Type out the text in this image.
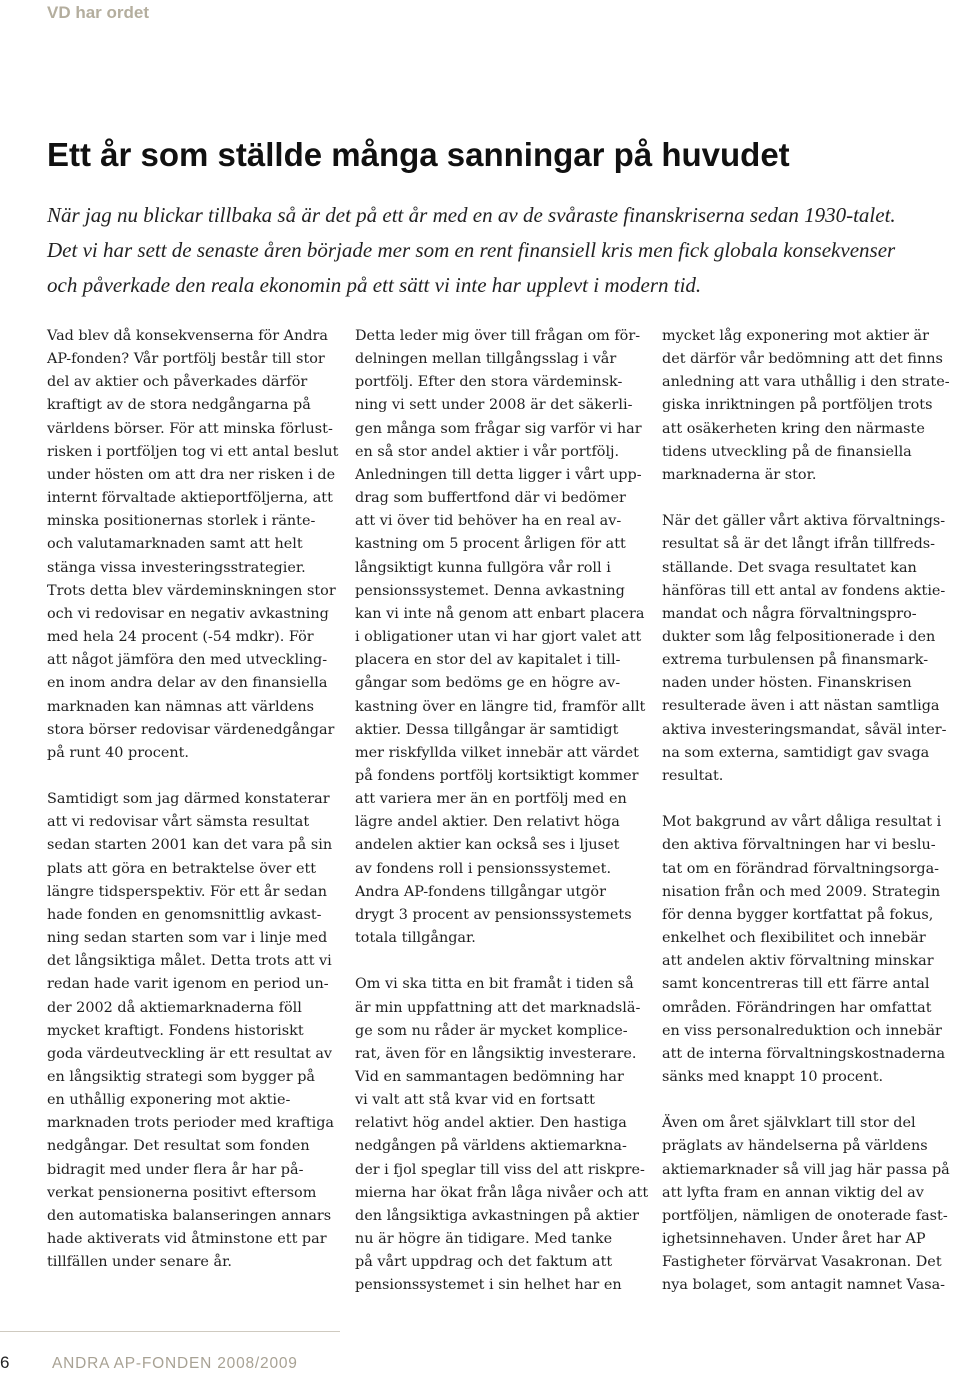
VD har ordet
Ett år som ställde många sanningar på huvudet

När jag nu blickar tillbaka så är det på ett år med en av de svåraste finanskriserna sedan 1930-talet.
Det vi har sett de senaste åren började mer som en rent finansiell kris men fick globala konsekvenser
och påverkade den reala ekonomin på ett sätt vi inte har upplevt i modern tid.

Vad blev då konsekvenserna för Andra
AP-fonden? Vår portfölj består till stor
del av aktier och påverkades därför
kraftigt av de stora nedgångarna på
världens börser. För att minska förlust-
risken i portföljen tog vi ett antal beslut
under hösten om att dra ner risken i de
internt förvaltade aktieportföljerna, att
minska positionernas storlek i ränte-
och valutamarknaden samt att helt
stänga vissa investeringsstrategier.
Trots detta blev värdeminskningen stor
och vi redovisar en negativ avkastning
med hela 24 procent (-54 mdkr). För
att något jämföra den med utveckling-
en inom andra delar av den finansiella
marknaden kan nämnas att världens
stora börser redovisar värdenedgångar
på runt 40 procent.

Samtidigt som jag därmed konstaterar
att vi redovisar vårt sämsta resultat
sedan starten 2001 kan det vara på sin
plats att göra en betraktelse över ett
längre tidsperspektiv. För ett år sedan
hade fonden en genomsnittlig avkast-
ning sedan starten som var i linje med
det långsiktiga målet. Detta trots att vi
redan hade varit igenom en period un-
der 2002 då aktiemarknaderna föll
mycket kraftigt. Fondens historiskt
goda värdeutveckling är ett resultat av
en långsiktig strategi som bygger på
en uthållig exponering mot aktie-
marknaden trots perioder med kraftiga
nedgångar. Det resultat som fonden
bidragit med under flera år har på-
verkat pensionerna positivt eftersom
den automatiska balanseringen annars
hade aktiverats vid åtminstone ett par
tillfällen under senare år.

Detta leder mig över till frågan om för-
delningen mellan tillgångsslag i vår
portfölj. Efter den stora värdeminsk-
ning vi sett under 2008 är det säkerli-
gen många som frågar sig varför vi har
en så stor andel aktier i vår portfölj.
Anledningen till detta ligger i vårt upp-
drag som buffertfond där vi bedömer
att vi över tid behöver ha en real av-
kastning om 5 procent årligen för att
långsiktigt kunna fullgöra vår roll i
pensionssystemet. Denna avkastning
kan vi inte nå genom att enbart placera
i obligationer utan vi har gjort valet att
placera en stor del av kapitalet i till-
gångar som bedöms ge en högre av-
kastning över en längre tid, framför allt
aktier. Dessa tillgångar är samtidigt
mer riskfyllda vilket innebär att värdet
på fondens portfölj kortsiktigt kommer
att variera mer än en portfölj med en
lägre andel aktier. Den relativt höga
andelen aktier kan också ses i ljuset
av fondens roll i pensionssystemet.
Andra AP-fondens tillgångar utgör
drygt 3 procent av pensionssystemets
totala tillgångar.

Om vi ska titta en bit framåt i tiden så
är min uppfattning att det marknadslä-
ge som nu råder är mycket komplice-
rat, även för en långsiktig investerare.
Vid en sammantagen bedömning har
vi valt att stå kvar vid en fortsatt
relativt hög andel aktier. Den hastiga
nedgången på världens aktiemarkna-
der i fjol speglar till viss del att riskpre-
mierna har ökat från låga nivåer och att
den långsiktiga avkastningen på aktier
nu är högre än tidigare. Med tanke
på vårt uppdrag och det faktum att
pensionssystemet i sin helhet har en

mycket låg exponering mot aktier är
det därför vår bedömning att det finns
anledning att vara uthållig i den strate-
giska inriktningen på portföljen trots
att osäkerheten kring den närmaste
tidens utveckling på de finansiella
marknaderna är stor.

När det gäller vårt aktiva förvaltnings-
resultat så är det långt ifrån tillfreds-
ställande. Det svaga resultatet kan
hänföras till ett antal av fondens aktie-
mandat och några förvaltningspro-
dukter som låg felpositionerade i den
extrema turbulensen på finansmark-
naden under hösten. Finanskrisen
resulterade även i att nästan samtliga
aktiva investeringsmandat, såväl inter-
na som externa, samtidigt gav svaga
resultat.

Mot bakgrund av vårt dåliga resultat i
den aktiva förvaltningen har vi beslu-
tat om en förändrad förvaltningsorga-
nisation från och med 2009. Strategin
för denna bygger kortfattat på fokus,
enkelhet och flexibilitet och innebär
att andelen aktiv förvaltning minskar
samt koncentreras till ett färre antal
områden. Förändringen har omfattat
en viss personalreduktion och innebär
att de interna förvaltningskostnaderna
sänks med knappt 10 procent.

Även om året självklart till stor del
präglats av händelserna på världens
aktiemarknader så vill jag här passa på
att lyfta fram en annan viktig del av
portföljen, nämligen de onoterade fast-
ighetsinnehaven. Under året har AP
Fastigheter förvärvat Vasakronan. Det
nya bolaget, som antagit namnet Vasa-

6	ANDRA AP-FONDEN 2008/2009
